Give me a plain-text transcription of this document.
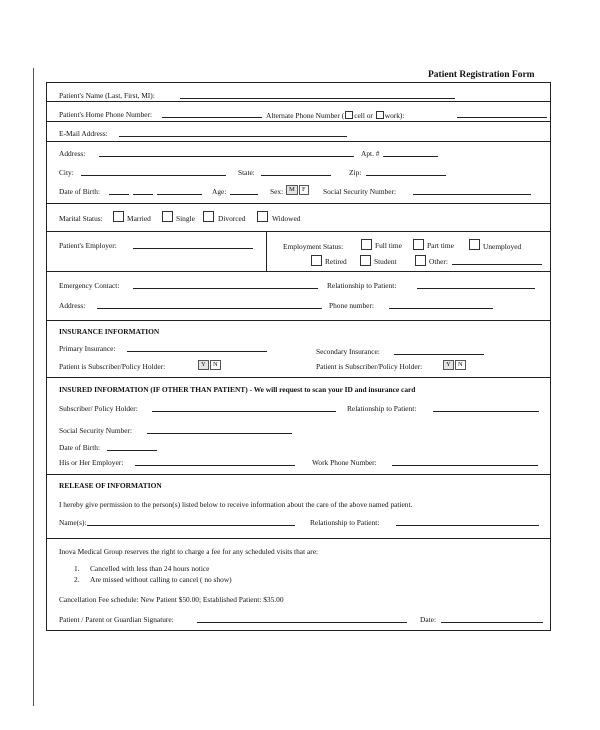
Patient Registration Form
Patient's Name (Last, First, MI):
Patient's Home Phone Number:	Alternate Phone Number ( cell or work):
E-Mail Address:
Address:	Apt. #
City:	State:	Zip:
Date of Birth:	Age:	Sex: M	F	Social Security Number:
Marital Status:	Married	Single	Divorced	Widowed
Patient's Employer:	Employment Status:	Full time	Part time	Unemployed
Retired	Student	Other:
Emergency Contact:	Relationship to Patient:
Address:	Phone number:
INSURANCE INFORMATION
Primary Insurance:	Secondary Insurance:
Patient is Subscriber/Policy Holder:	Y	N	Patient is Subscriber/Policy Holder:	Y	N
INSURED INFORMATION (IF OTHER THAN PATIENT) - We will request to scan your ID and insurance card
Subscriber/ Policy Holder:	Relationship to Patient:
Social Security Number:
Date of Birth:
His or Her Employer:	Work Phone Number:
RELEASE OF INFORMATION
I hereby give permission to the person(s) listed below to receive information about the care of the above named patient.
Name(s):	Relationship to Patient:
Inova Medical Group reserves the right to charge a fee for any scheduled visits that are:
1. Cancelled with less than 24 hours notice
2. Are missed without calling to cancel ( no show)
Cancellation Fee schedule: New Patient $50.00; Established Patient: $35.00
Patient / Parent or Guardian Signature:	Date:
